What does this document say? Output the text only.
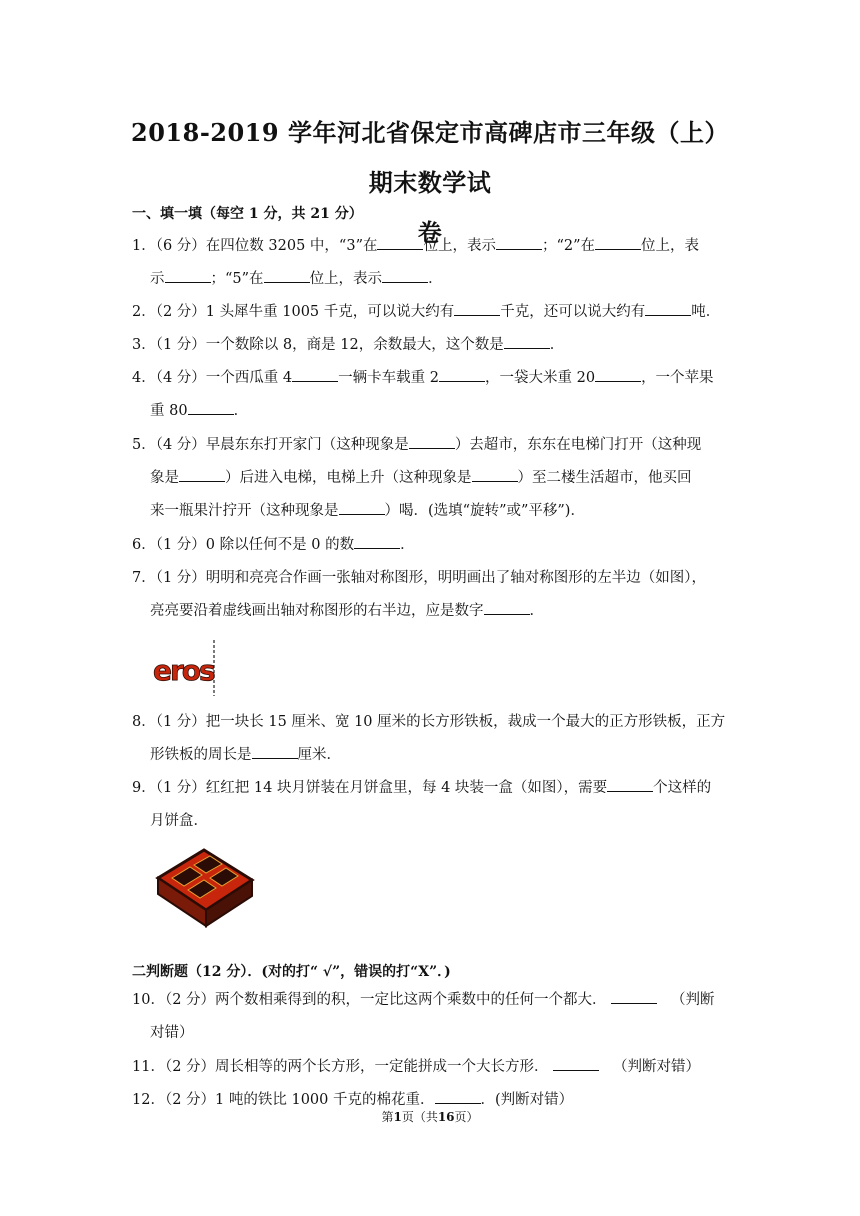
2018-2019 学年河北省保定市高碑店市三年级（上）期末数学试
卷
一、填一填（每空 1 分，共 21 分）
1．（6 分）在四位数 3205 中，“3”在	位上，表示	；“2”在	位上，表
示	；“5”在	位上，表示	．
2．（2 分）1 头犀牛重 1005 千克，可以说大约有	千克，还可以说大约有	吨．
3．（1 分）一个数除以 8，商是 12，余数最大，这个数是	．
4．（4 分）一个西瓜重 4	一辆卡车载重 2	，一袋大米重 20	，一个苹果
重 80	．
5．（4 分）早晨东东打开家门（这种现象是	）去超市，东东在电梯门打开（这种现
象是	）后进入电梯，电梯上升（这种现象是	）至二楼生活超市，他买回
来一瓶果汁拧开（这种现象是	）喝．(选填“旋转”或”平移”)．
6．（1 分）0 除以任何不是 0 的数	．
7．（1 分）明明和亮亮合作画一张轴对称图形，明明画出了轴对称图形的左半边（如图），
亮亮要沿着虚线画出轴对称图形的右半边，应是数字	．
eros
8．（1 分）把一块长 15 厘米、宽 10 厘米的长方形铁板，裁成一个最大的正方形铁板，正方
形铁板的周长是	厘米．
9．（1 分）红红把 14 块月饼装在月饼盒里，每 4 块装一盒（如图），需要	个这样的
月饼盒．
二判断题（12 分）．(对的打“ √”，错误的打“X”．)
10．（2 分）两个数相乘得到的积，一定比这两个乘数中的任何一个都大．	（判断
对错）
11．（2 分）周长相等的两个长方形，一定能拼成一个大长方形．	（判断对错）
12．（2 分）1 吨的铁比 1000 千克的棉花重．	．(判断对错）
第1页（共16页）
